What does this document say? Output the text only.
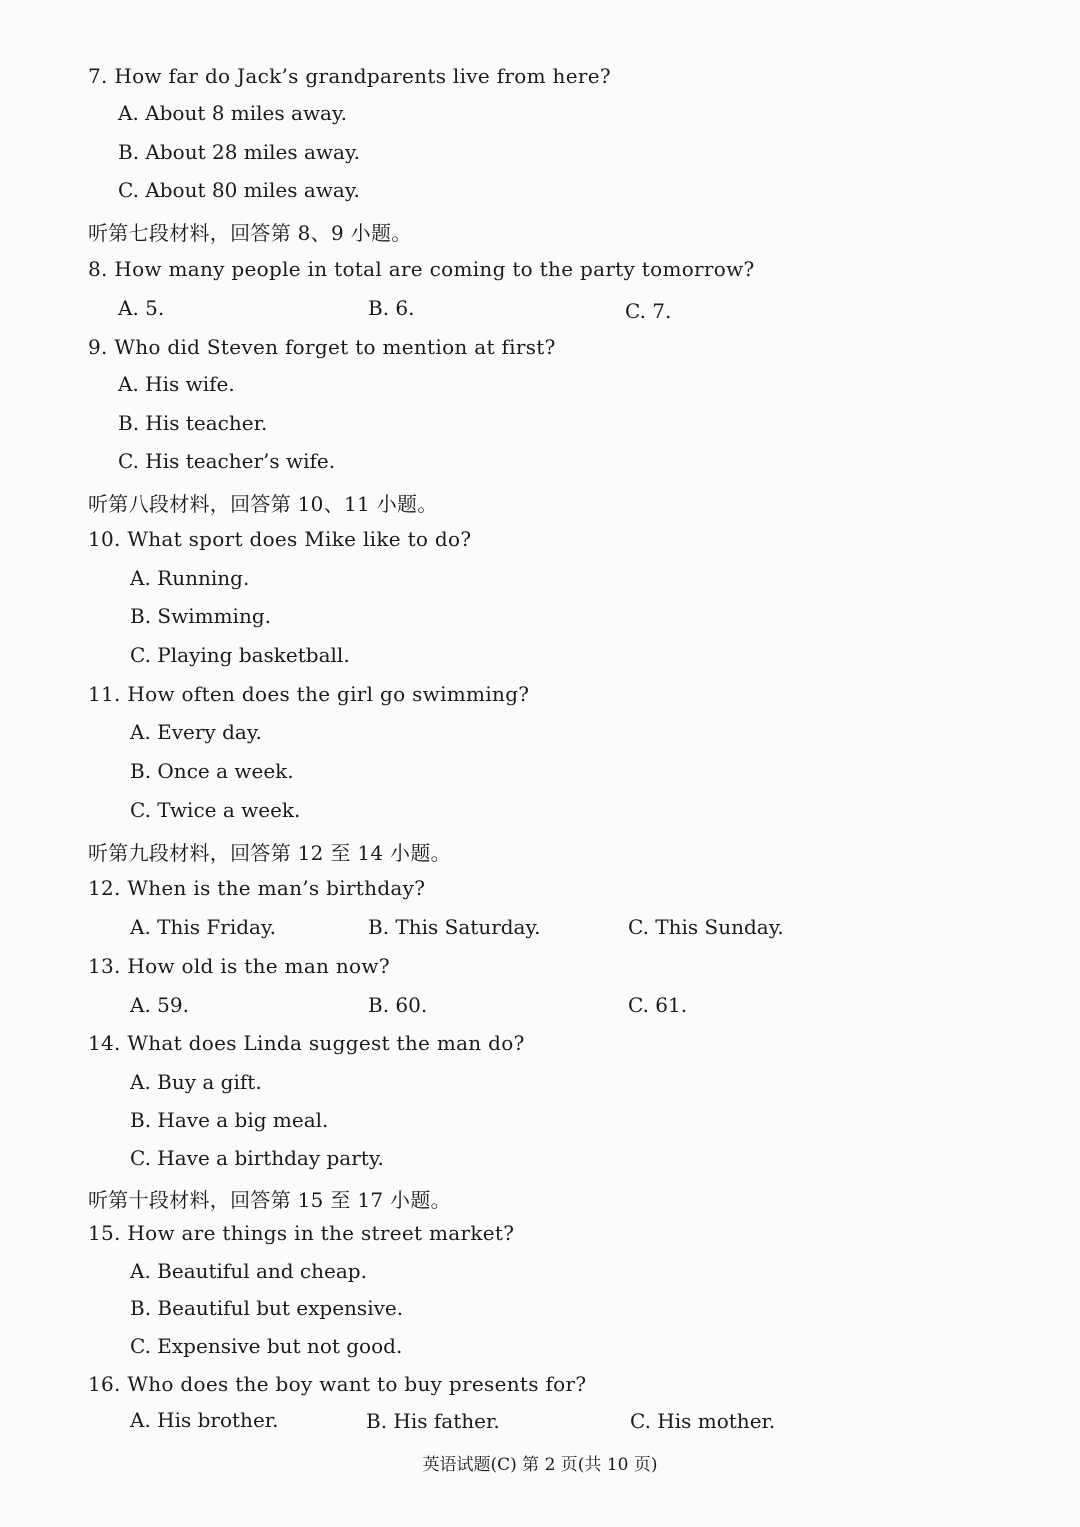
7. How far do Jack’s grandparents live from here?
A. About 8 miles away.
B. About 28 miles away.
C. About 80 miles away.
听第七段材料，回答第 8、9 小题。
8. How many people in total are coming to the party tomorrow?
A. 5.	B. 6.	C. 7.
9. Who did Steven forget to mention at first?
A. His wife.
B. His teacher.
C. His teacher’s wife.
听第八段材料，回答第 10、11 小题。
10. What sport does Mike like to do?
A. Running.
B. Swimming.
C. Playing basketball.
11. How often does the girl go swimming?
A. Every day.
B. Once a week.
C. Twice a week.
听第九段材料，回答第 12 至 14 小题。
12. When is the man’s birthday?
A. This Friday.	B. This Saturday.	C. This Sunday.
13. How old is the man now?
A. 59.	B. 60.	C. 61.
14. What does Linda suggest the man do?
A. Buy a gift.
B. Have a big meal.
C. Have a birthday party.
听第十段材料，回答第 15 至 17 小题。
15. How are things in the street market?
A. Beautiful and cheap.
B. Beautiful but expensive.
C. Expensive but not good.
16. Who does the boy want to buy presents for?
A. His brother.	B. His father.	C. His mother.
英语试题(C) 第 2 页(共 10 页)
